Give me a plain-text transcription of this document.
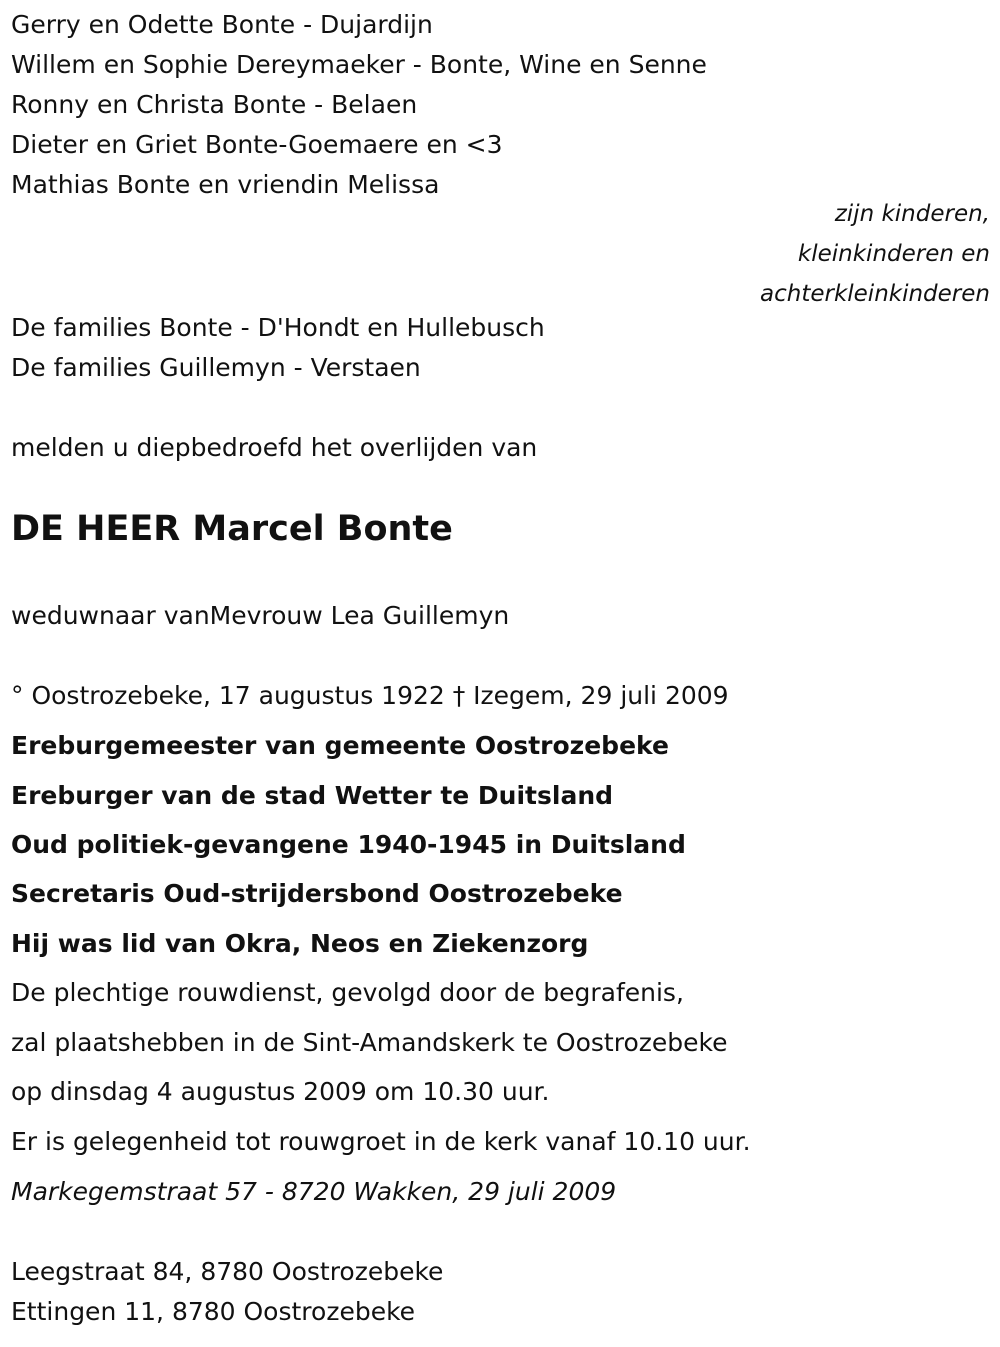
Gerry en Odette Bonte - Dujardijn

Willem en Sophie Dereymaeker - Bonte, Wine en Senne

Ronny en Christa Bonte - Belaen

Dieter en Griet Bonte-Goemaere en <3

Mathias Bonte en vriendin Melissa

zijn kinderen,
kleinkinderen en
achterkleinkinderen

De families Bonte - D'Hondt en Hullebusch

De families Guillemyn - Verstaen

melden u diepbedroefd het overlijden van

DE HEER Marcel Bonte

weduwnaar vanMevrouw Lea Guillemyn

° Oostrozebeke, 17 augustus 1922 † Izegem, 29 juli 2009

Ereburgemeester van gemeente Oostrozebeke

Ereburger van de stad Wetter te Duitsland

Oud politiek-gevangene 1940-1945 in Duitsland

Secretaris Oud-strijdersbond Oostrozebeke

Hij was lid van Okra, Neos en Ziekenzorg

De plechtige rouwdienst, gevolgd door de begrafenis,

zal plaatshebben in de Sint-Amandskerk te Oostrozebeke

op dinsdag 4 augustus 2009 om 10.30 uur.

Er is gelegenheid tot rouwgroet in de kerk vanaf 10.10 uur.

Markegemstraat 57 - 8720 Wakken, 29 juli 2009

Leegstraat 84, 8780 Oostrozebeke

Ettingen 11, 8780 Oostrozebeke
